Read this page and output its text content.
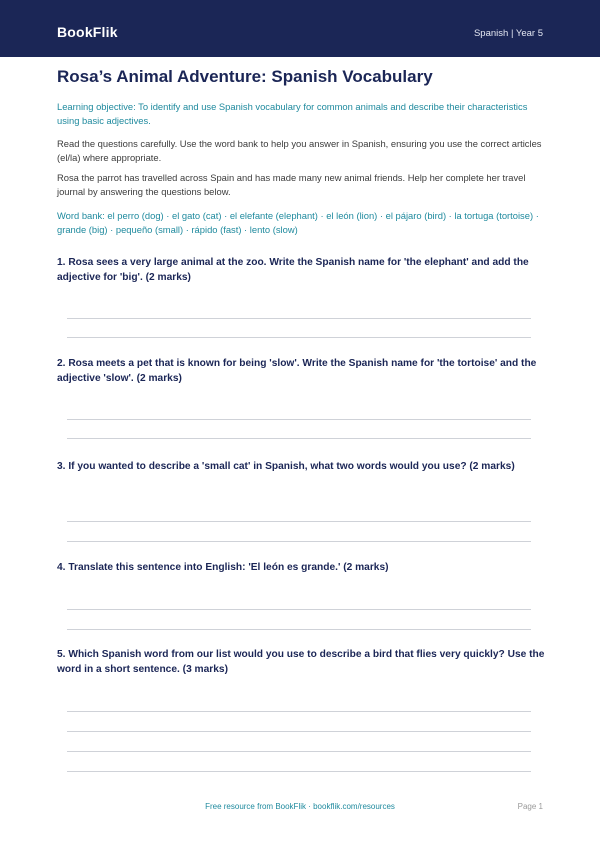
BookFlik	Spanish | Year 5
Rosa’s Animal Adventure: Spanish Vocabulary
Learning objective: To identify and use Spanish vocabulary for common animals and describe their characteristics using basic adjectives.
Read the questions carefully. Use the word bank to help you answer in Spanish, ensuring you use the correct articles (el/la) where appropriate.
Rosa the parrot has travelled across Spain and has made many new animal friends. Help her complete her travel journal by answering the questions below.
Word bank: el perro (dog) · el gato (cat) · el elefante (elephant) · el león (lion) · el pájaro (bird) · la tortuga (tortoise) · grande (big) · pequeño (small) · rápido (fast) · lento (slow)
1. Rosa sees a very large animal at the zoo. Write the Spanish name for 'the elephant' and add the adjective for 'big'. (2 marks)
2. Rosa meets a pet that is known for being 'slow'. Write the Spanish name for 'the tortoise' and the adjective 'slow'. (2 marks)
3. If you wanted to describe a 'small cat' in Spanish, what two words would you use? (2 marks)
4. Translate this sentence into English: 'El león es grande.' (2 marks)
5. Which Spanish word from our list would you use to describe a bird that flies very quickly? Use the word in a short sentence. (3 marks)
Free resource from BookFlik · bookflik.com/resources	Page 1
